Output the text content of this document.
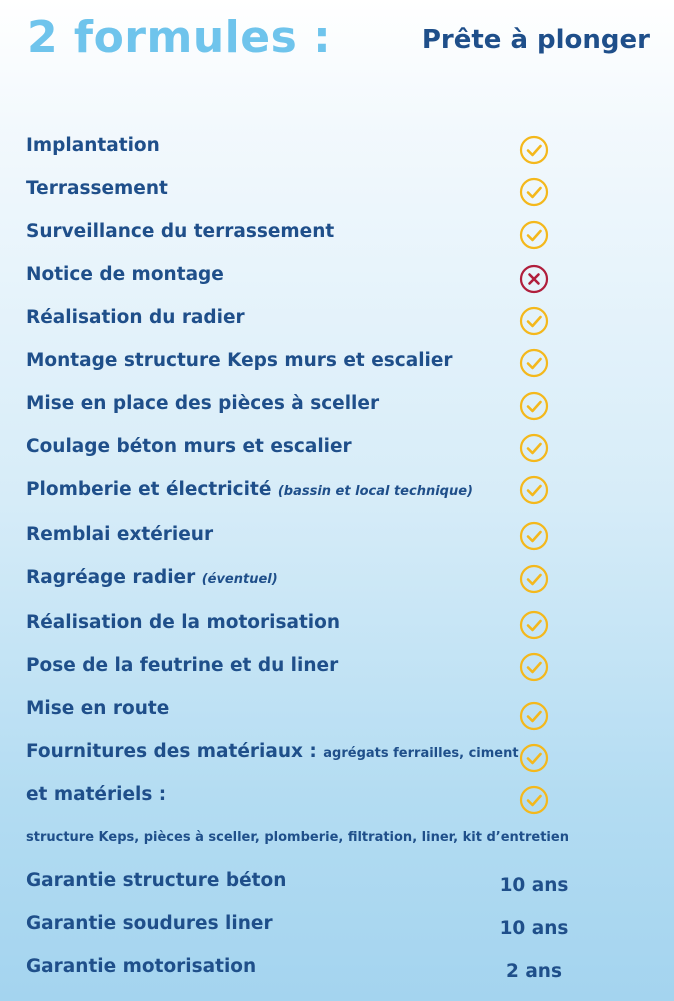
2 formules :	Prête à plonger
Implantation
Terrassement
Surveillance du terrassement
Notice de montage
Réalisation du radier
Montage structure Keps murs et escalier
Mise en place des pièces à sceller
Coulage béton murs et escalier
Plomberie et électricité (bassin et local technique)
Remblai extérieur
Ragréage radier (éventuel)
Réalisation de la motorisation
Pose de la feutrine et du liner
Mise en route
Fournitures des matériaux : agrégats ferrailles, ciment
et matériels :
structure Keps, pièces à sceller, plomberie, filtration, liner, kit d’entretien
Garantie structure béton	10 ans
Garantie soudures liner	10 ans
Garantie motorisation	2 ans
